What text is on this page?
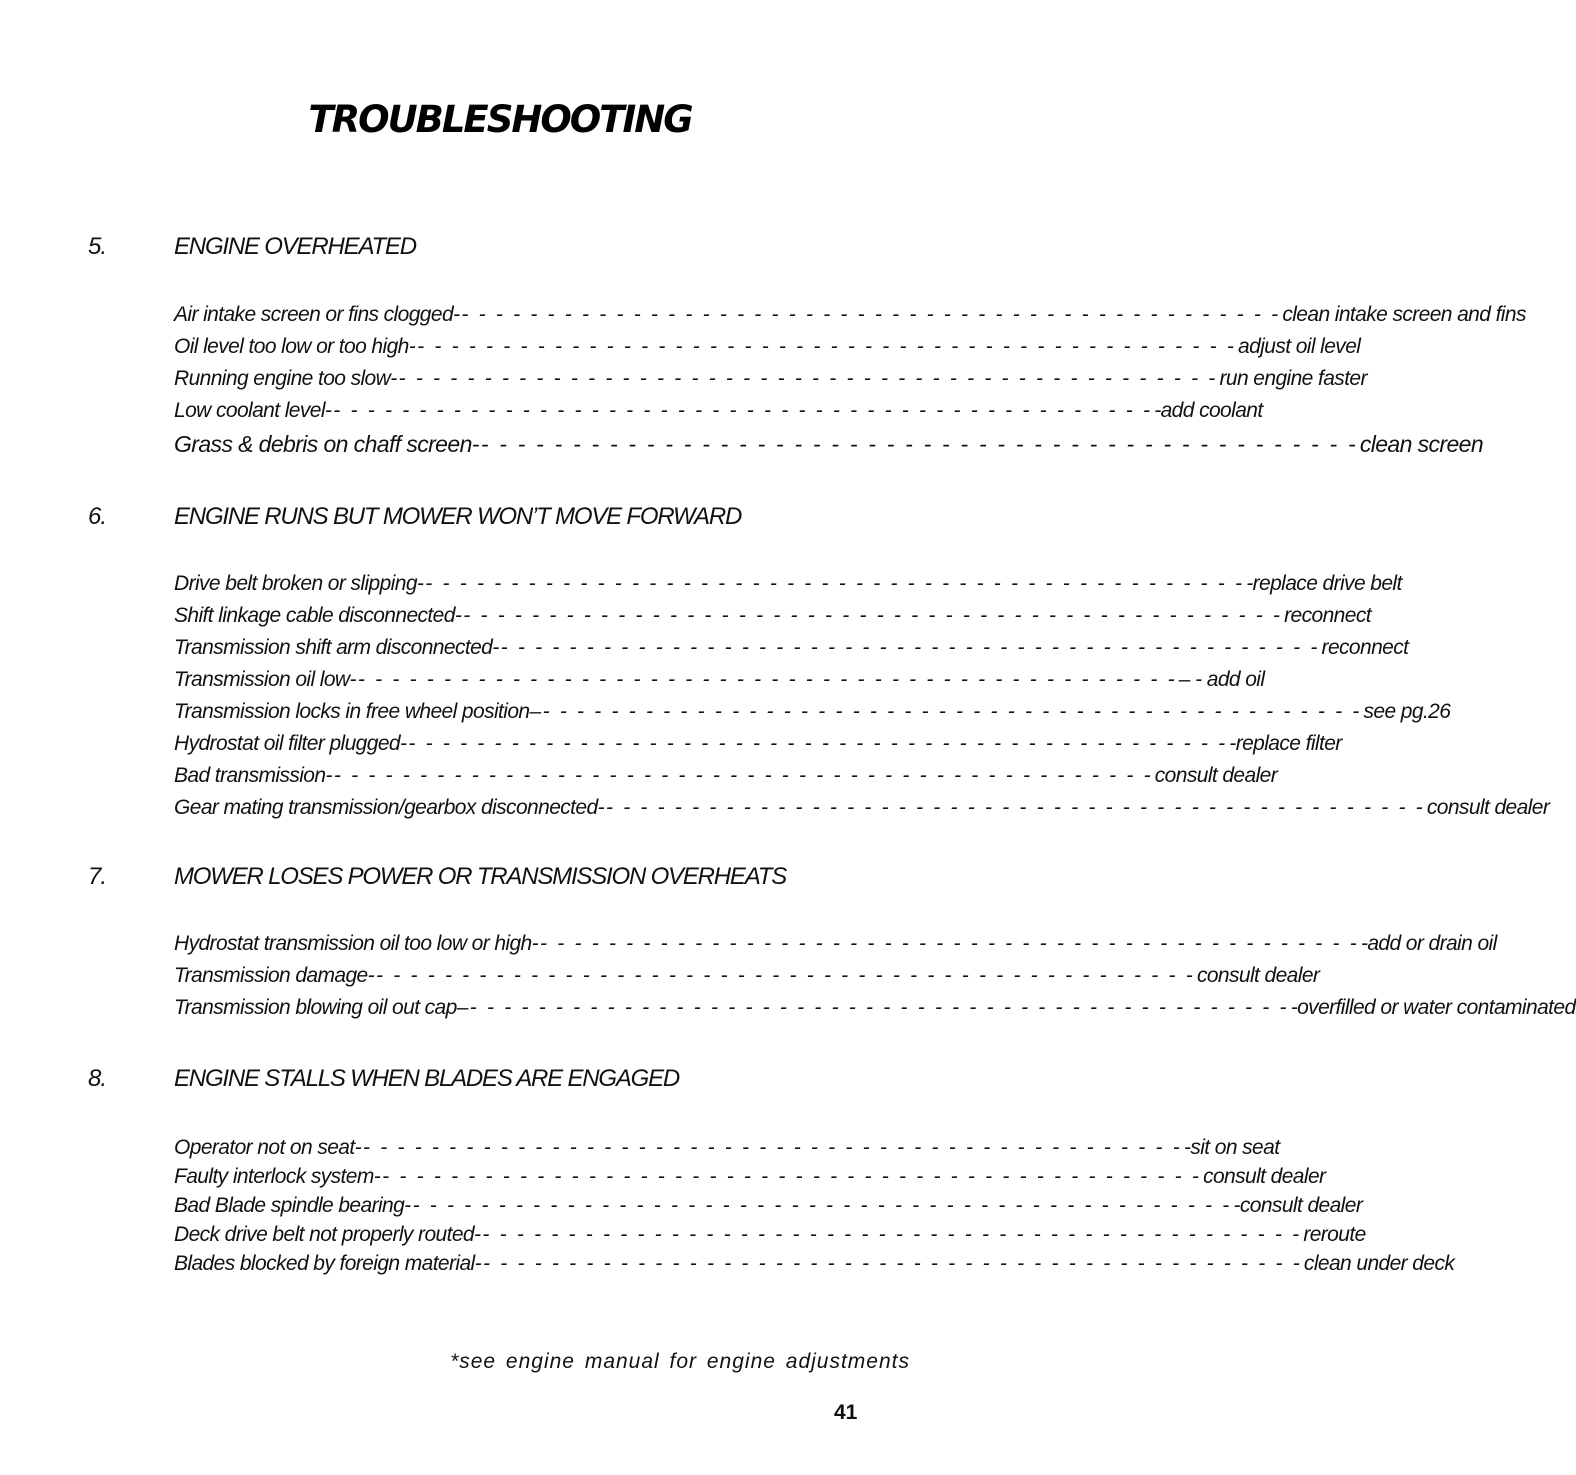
TROUBLESHOOTING
5.	ENGINE OVERHEATED
Air intake screen or fins clogged- - - - - - - - - - - - - - - - - - - - - - - - - - - - - - - - - - - - - - - - - - - - - - - - - clean intake screen and fins
Oil level too low or too high- - - - - - - - - - - - - - - - - - - - - - - - - - - - - - - - - - - - - - - - - - - - - - - - - adjust oil level
Running engine too slow- - - - - - - - - - - - - - - - - - - - - - - - - - - - - - - - - - - - - - - - - - - - - - - - - run engine faster
Low coolant level- - - - - - - - - - - - - - - - - - - - - - - - - - - - - - - - - - - - - - - - - - - - - - - - - -add coolant
Grass & debris on chaff screen- - - - - - - - - - - - - - - - - - - - - - - - - - - - - - - - - - - - - - - - - - - - - - - - - clean screen
6.	ENGINE RUNS BUT MOWER WON’T MOVE FORWARD
Drive belt broken or slipping- - - - - - - - - - - - - - - - - - - - - - - - - - - - - - - - - - - - - - - - - - - - - - - - - -replace drive belt
Shift linkage cable disconnected- - - - - - - - - - - - - - - - - - - - - - - - - - - - - - - - - - - - - - - - - - - - - - - - - reconnect
Transmission shift arm disconnected- - - - - - - - - - - - - - - - - - - - - - - - - - - - - - - - - - - - - - - - - - - - - - - - - reconnect
Transmission oil low- - - - - - - - - - - - - - - - - - - - - - - - - - - - - - - - - - - - - - - - - - - - - - - - - – - add oil
Transmission locks in free wheel position– - - - - - - - - - - - - - - - - - - - - - - - - - - - - - - - - - - - - - - - - - - - - - - - - see pg.26
Hydrostat oil filter plugged- - - - - - - - - - - - - - - - - - - - - - - - - - - - - - - - - - - - - - - - - - - - - - - - - -replace filter
Bad transmission- - - - - - - - - - - - - - - - - - - - - - - - - - - - - - - - - - - - - - - - - - - - - - - - - consult dealer
Gear mating transmission/gearbox disconnected- - - - - - - - - - - - - - - - - - - - - - - - - - - - - - - - - - - - - - - - - - - - - - - - - consult dealer
7.	MOWER LOSES POWER OR TRANSMISSION OVERHEATS
Hydrostat transmission oil too low or high- - - - - - - - - - - - - - - - - - - - - - - - - - - - - - - - - - - - - - - - - - - - - - - - - -add or drain oil
Transmission damage- - - - - - - - - - - - - - - - - - - - - - - - - - - - - - - - - - - - - - - - - - - - - - - - - consult dealer
Transmission blowing oil out cap– - - - - - - - - - - - - - - - - - - - - - - - - - - - - - - - - - - - - - - - - - - - - - - - - -overfilled or water contaminated
8.	ENGINE STALLS WHEN BLADES ARE ENGAGED
Operator not on seat- - - - - - - - - - - - - - - - - - - - - - - - - - - - - - - - - - - - - - - - - - - - - - - - - -sit on seat
Faulty interlock system- - - - - - - - - - - - - - - - - - - - - - - - - - - - - - - - - - - - - - - - - - - - - - - - - consult dealer
Bad Blade spindle bearing- - - - - - - - - - - - - - - - - - - - - - - - - - - - - - - - - - - - - - - - - - - - - - - - - -consult dealer
Deck drive belt not properly routed- - - - - - - - - - - - - - - - - - - - - - - - - - - - - - - - - - - - - - - - - - - - - - - - - reroute
Blades blocked by foreign material- - - - - - - - - - - - - - - - - - - - - - - - - - - - - - - - - - - - - - - - - - - - - - - - - clean under deck
*see engine manual for engine adjustments
41
